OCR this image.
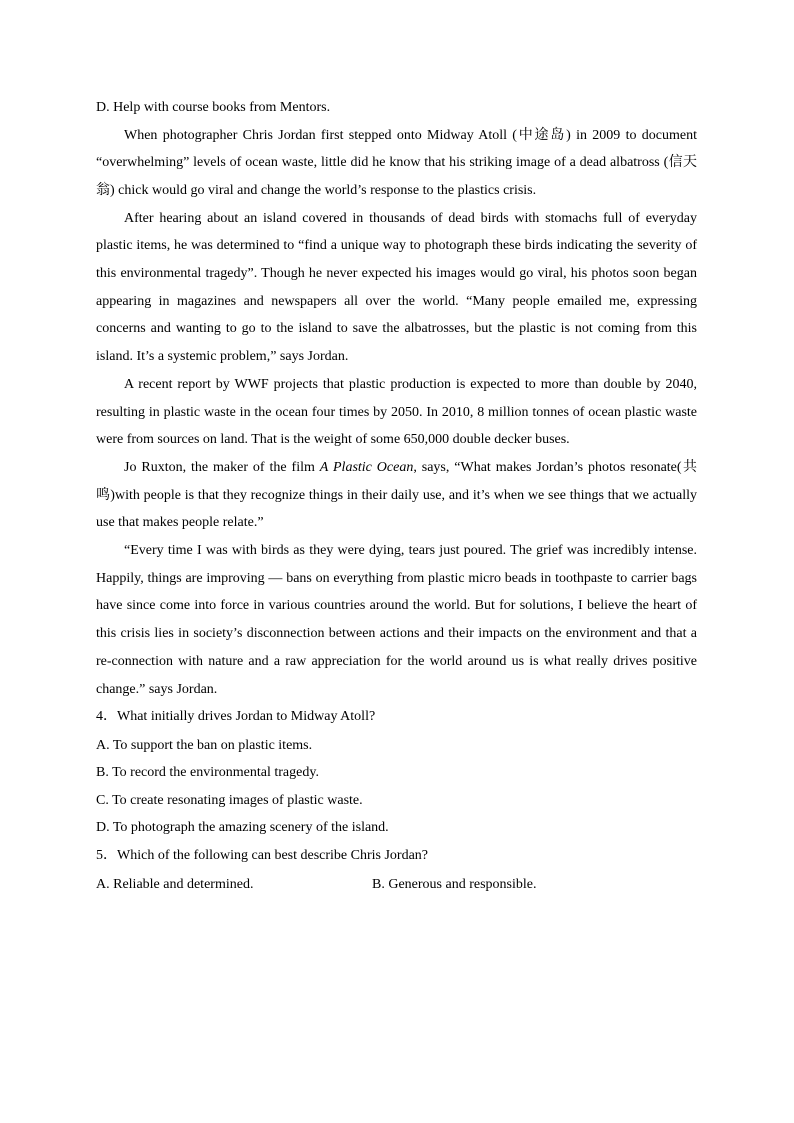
D. Help with course books from Mentors.

When photographer Chris Jordan first stepped onto Midway Atoll (中途岛) in 2009 to document “overwhelming” levels of ocean waste, little did he know that his striking image of a dead albatross (信天翁) chick would go viral and change the world’s response to the plastics crisis.

After hearing about an island covered in thousands of dead birds with stomachs full of everyday plastic items, he was determined to “find a unique way to photograph these birds indicating the severity of this environmental tragedy”. Though he never expected his images would go viral, his photos soon began appearing in magazines and newspapers all over the world. “Many people emailed me, expressing concerns and wanting to go to the island to save the albatrosses, but the plastic is not coming from this island. It’s a systemic problem,” says Jordan.

A recent report by WWF projects that plastic production is expected to more than double by 2040, resulting in plastic waste in the ocean four times by 2050. In 2010, 8 million tonnes of ocean plastic waste were from sources on land. That is the weight of some 650,000 double decker buses.

Jo Ruxton, the maker of the film A Plastic Ocean, says, “What makes Jordan’s photos resonate(共鸣)with people is that they recognize things in their daily use, and it’s when we see things that we actually use that makes people relate.”

“Every time I was with birds as they were dying, tears just poured. The grief was incredibly intense. Happily, things are improving — bans on everything from plastic micro beads in toothpaste to carrier bags have since come into force in various countries around the world. But for solutions, I believe the heart of this crisis lies in society’s disconnection between actions and their impacts on the environment and that a re-connection with nature and a raw appreciation for the world around us is what really drives positive change.” says Jordan.

4．What initially drives Jordan to Midway Atoll?

A. To support the ban on plastic items.

B. To record the environmental tragedy.

C. To create resonating images of plastic waste.

D. To photograph the amazing scenery of the island.

5．Which of the following can best describe Chris Jordan?

A. Reliable and determined.	B. Generous and responsible.
